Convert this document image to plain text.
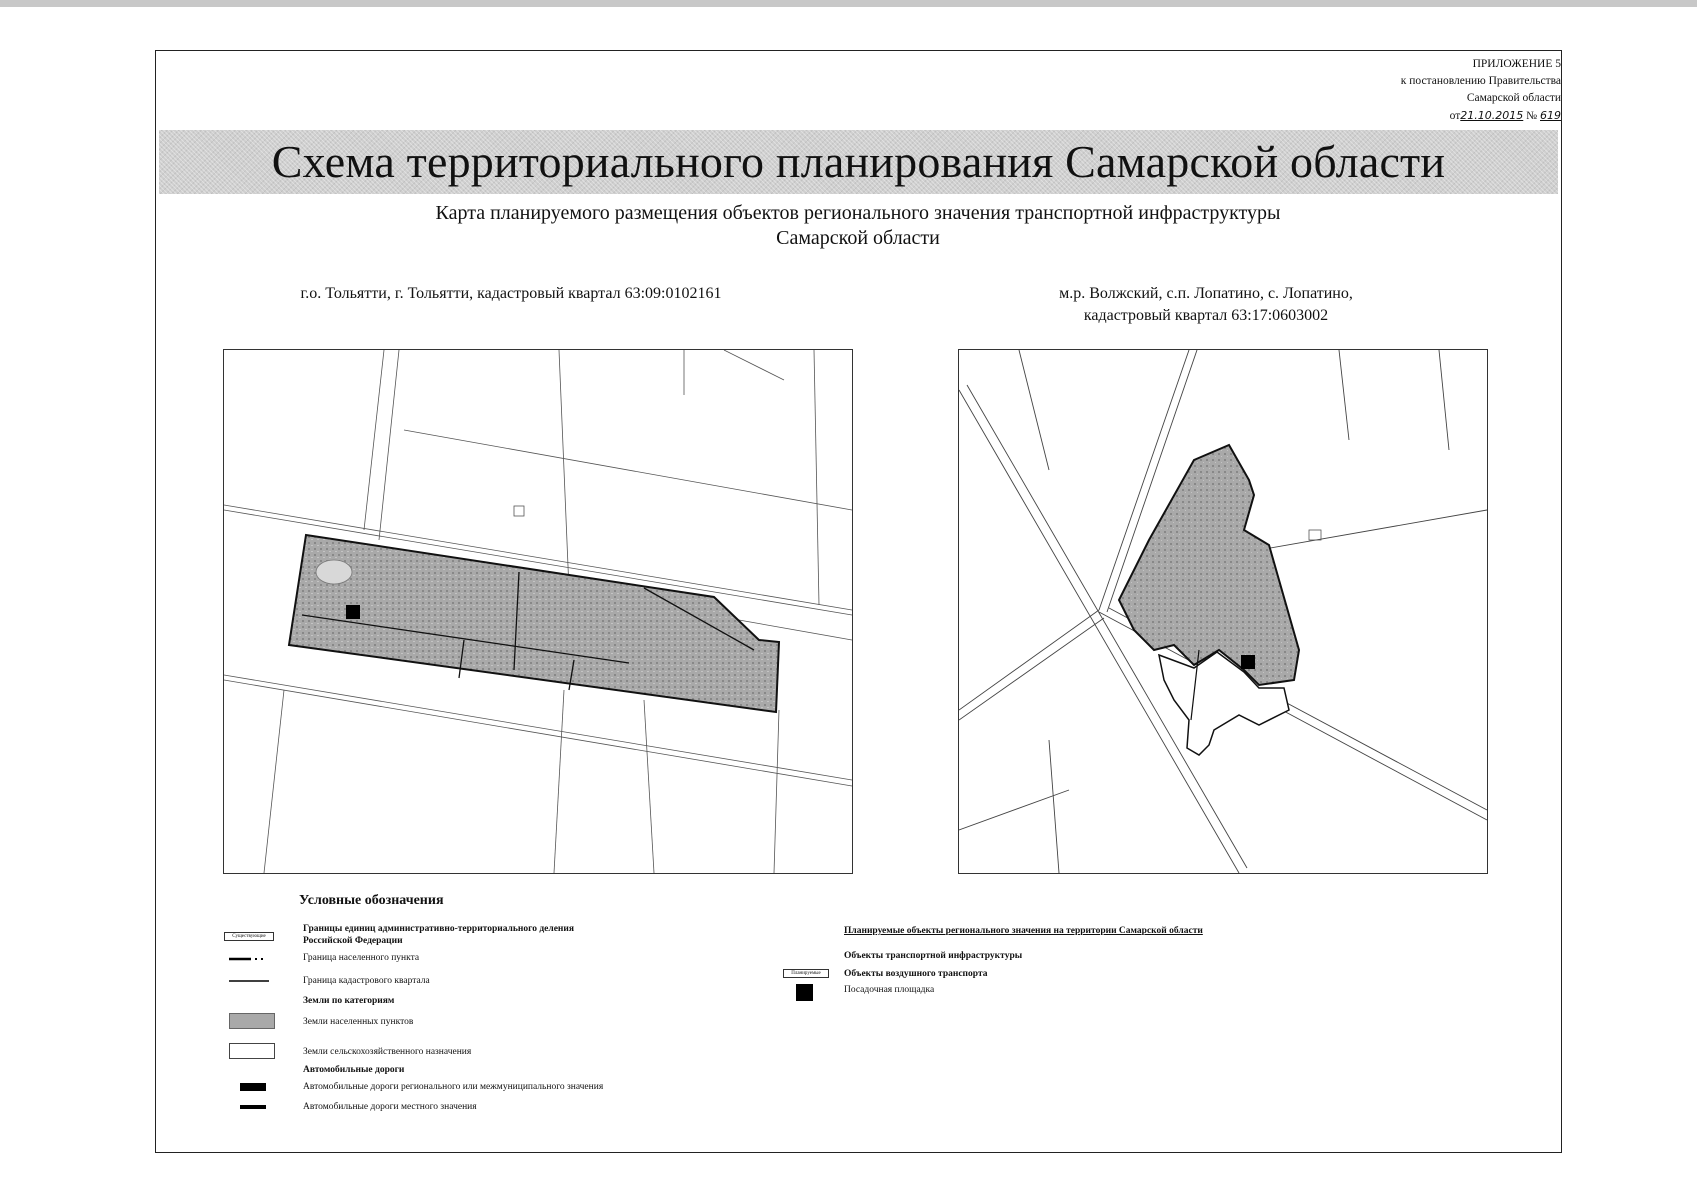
ПРИЛОЖЕНИЕ 5
к постановлению Правительства
Самарской области
от21.10.2015 № 619
Схема территориального планирования Самарской области
Карта планируемого размещения объектов регионального значения транспортной инфраструктуры
Самарской области
г.о. Тольятти, г. Тольятти, кадастровый квартал 63:09:0102161	м.р. Волжский, с.п. Лопатино, с. Лопатино,
кадастровый квартал 63:17:0603002
Условные обозначения
Существующие
Границы единиц административно-территориального деления Российской Федерации
Граница населенного пункта
Граница кадастрового квартала
Земли по категориям
Земли населенных пунктов
Земли сельскохозяйственного назначения
Автомобильные дороги
Автомобильные дороги регионального или межмуниципального значения
Автомобильные дороги местного значения
Планируемые объекты регионального значения на территории Самарской области
Объекты транспортной инфраструктуры
Планируемые	Объекты воздушного транспорта
Посадочная площадка
